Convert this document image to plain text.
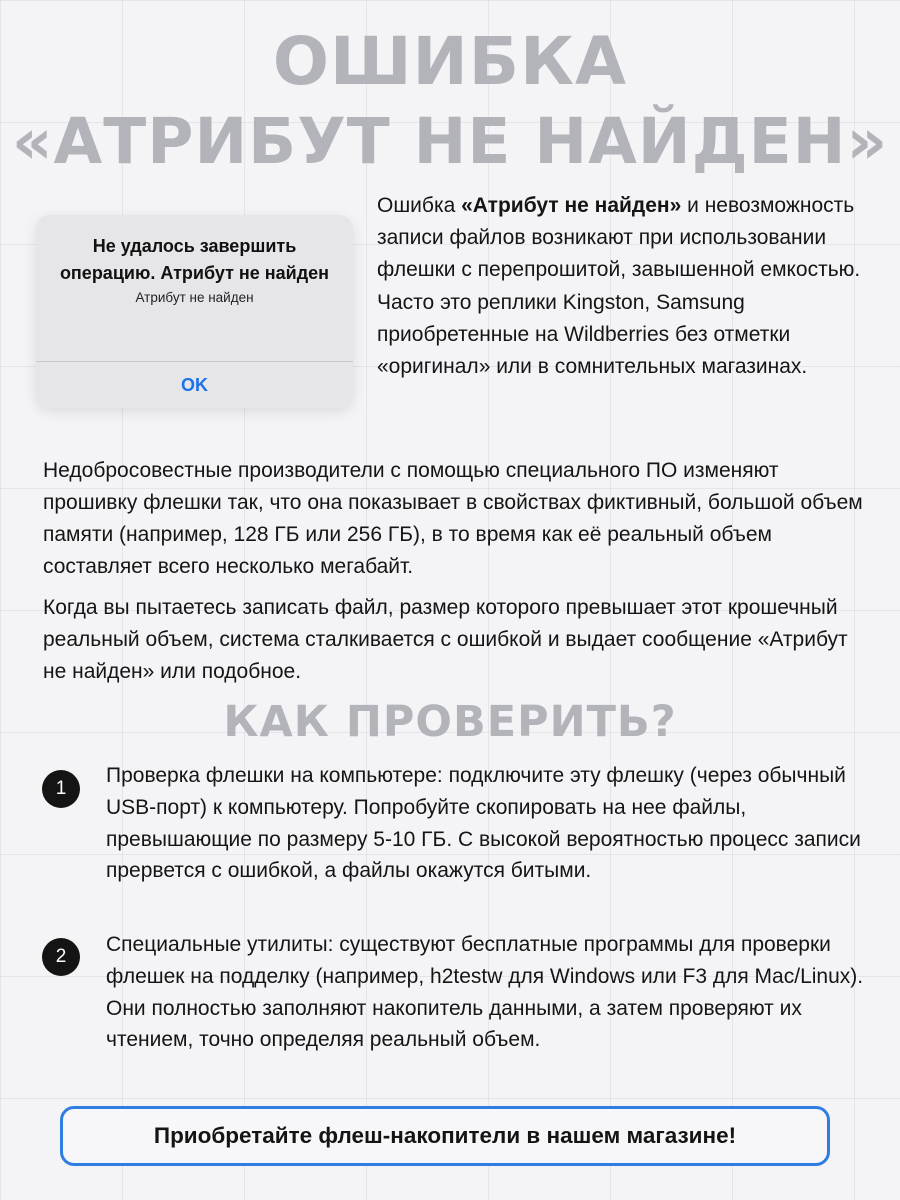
ОШИБКА
«АТРИБУТ НЕ НАЙДЕН»
Не удалось завершить операцию. Атрибут не найден
Атрибут не найден
OK

Ошибка «Атрибут не найден» и невозможность записи файлов возникают при использовании флешки с перепрошитой, завышенной емкостью. Часто это реплики Kingston, Samsung приобретенные на Wildberries без отметки «оригинал» или в сомнительных магазинах.

Недобросовестные производители с помощью специального ПО изменяют прошивку флешки так, что она показывает в свойствах фиктивный, большой объем памяти (например, 128 ГБ или 256 ГБ), в то время как её реальный объем составляет всего несколько мегабайт.

Когда вы пытаетесь записать файл, размер которого превышает этот крошечный реальный объем, система сталкивается с ошибкой и выдает сообщение «Атрибут не найден» или подобное.

КАК ПРОВЕРИТЬ?
1

Проверка флешки на компьютере: подключите эту флешку (через обычный USB-порт) к компьютеру. Попробуйте скопировать на нее файлы, превышающие по размеру 5-10 ГБ. С высокой вероятностью процесс записи прервется с ошибкой, а файлы окажутся битыми.

2

Специальные утилиты: существуют бесплатные программы для проверки флешек на подделку (например, h2testw для Windows или F3 для Mac/Linux). Они полностью заполняют накопитель данными, а затем проверяют их чтением, точно определяя реальный объем.

Приобретайте флеш-накопители в нашем магазине!
